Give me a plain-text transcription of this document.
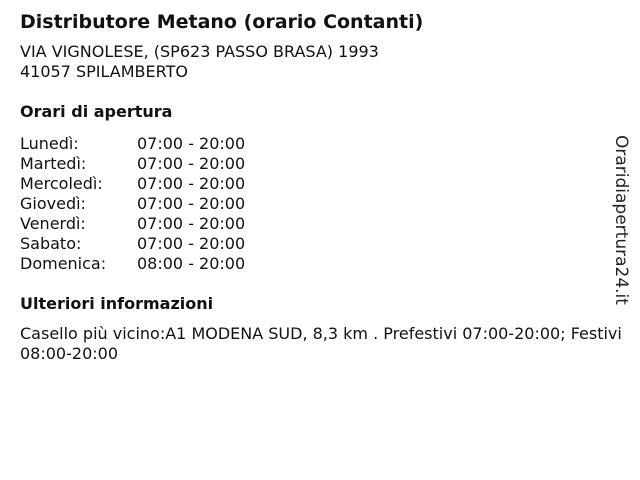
Distributore Metano (orario Contanti)
VIA VIGNOLESE, (SP623 PASSO BRASA) 1993
41057 SPILAMBERTO
Orari di apertura
Lunedì:	07:00 - 20:00
Martedì:	07:00 - 20:00
Mercoledì:	07:00 - 20:00
Giovedì:	07:00 - 20:00
Venerdì:	07:00 - 20:00
Sabato:	07:00 - 20:00
Domenica:	08:00 - 20:00
Ulteriori informazioni
Casello più vicino:A1 MODENA SUD, 8,3 km . Prefestivi 07:00-20:00; Festivi 08:00-20:00
Oraridiapertura24.it
